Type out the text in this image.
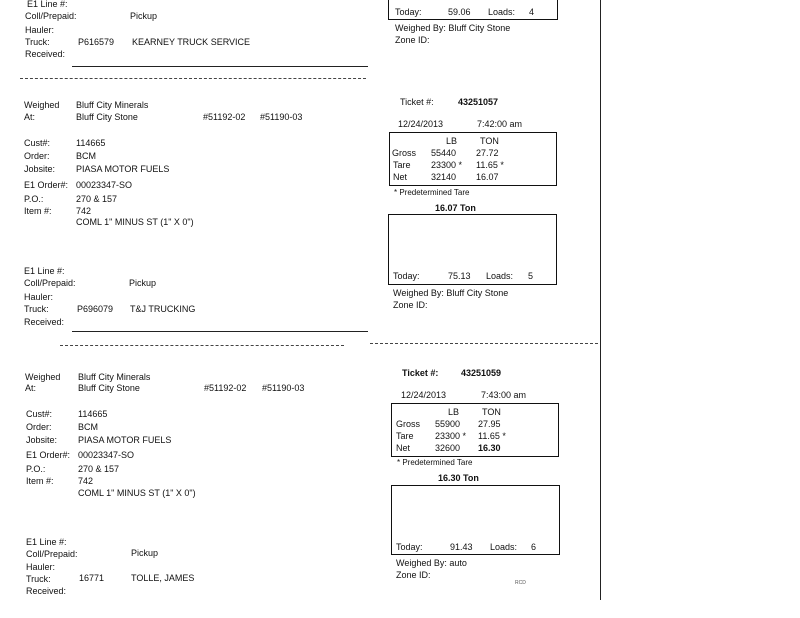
E1 Line #:
Coll/Prepaid:	Pickup
Hauler:
Truck:	P616579 KEARNEY TRUCK SERVICE
Received:
Today:	59.06 Loads: 4
Weighed By: Bluff City Stone
Zone ID:
Weighed Bluff City Minerals
At:	Bluff City Stone	#51192-02 #51190-03
Cust#:	114665
Order:	BCM
Jobsite: PIASA MOTOR FUELS
E1 Order#: 00023347-SO
P.O.:	270 & 157
Item #:	742
COML 1" MINUS ST (1" X 0")
E1 Line #:
Coll/Prepaid:	Pickup
Hauler:
Truck:	P696079 T&J TRUCKING
Received:
Ticket #:	43251057
12/24/2013	7:42:00 am
LB	TON
Gross 55440 27.72
Tare 23300 * 11.65 *
Net	32140 16.07
* Predetermined Tare
16.07 Ton
Today:	75.13 Loads: 5
Weighed By: Bluff City Stone
Zone ID:
Weighed Bluff City Minerals
At:	Bluff City Stone	#51192-02 #51190-03
Cust#:	114665
Order:	BCM
Jobsite: PIASA MOTOR FUELS
E1 Order#: 00023347-SO
P.O.:	270 & 157
Item #:	742
COML 1" MINUS ST (1" X 0")
E1 Line #:
Coll/Prepaid:	Pickup
Hauler:
Truck:	16771	TOLLE, JAMES
Received:
Ticket #:	43251059
12/24/2013	7:43:00 am
LB	TON
Gross 55900 27.95
Tare 23300 * 11.65 *
Net	32600 16.30
* Predetermined Tare
16.30 Ton
Today:	91.43 Loads: 6
Weighed By: auto
Zone ID:
RCD
